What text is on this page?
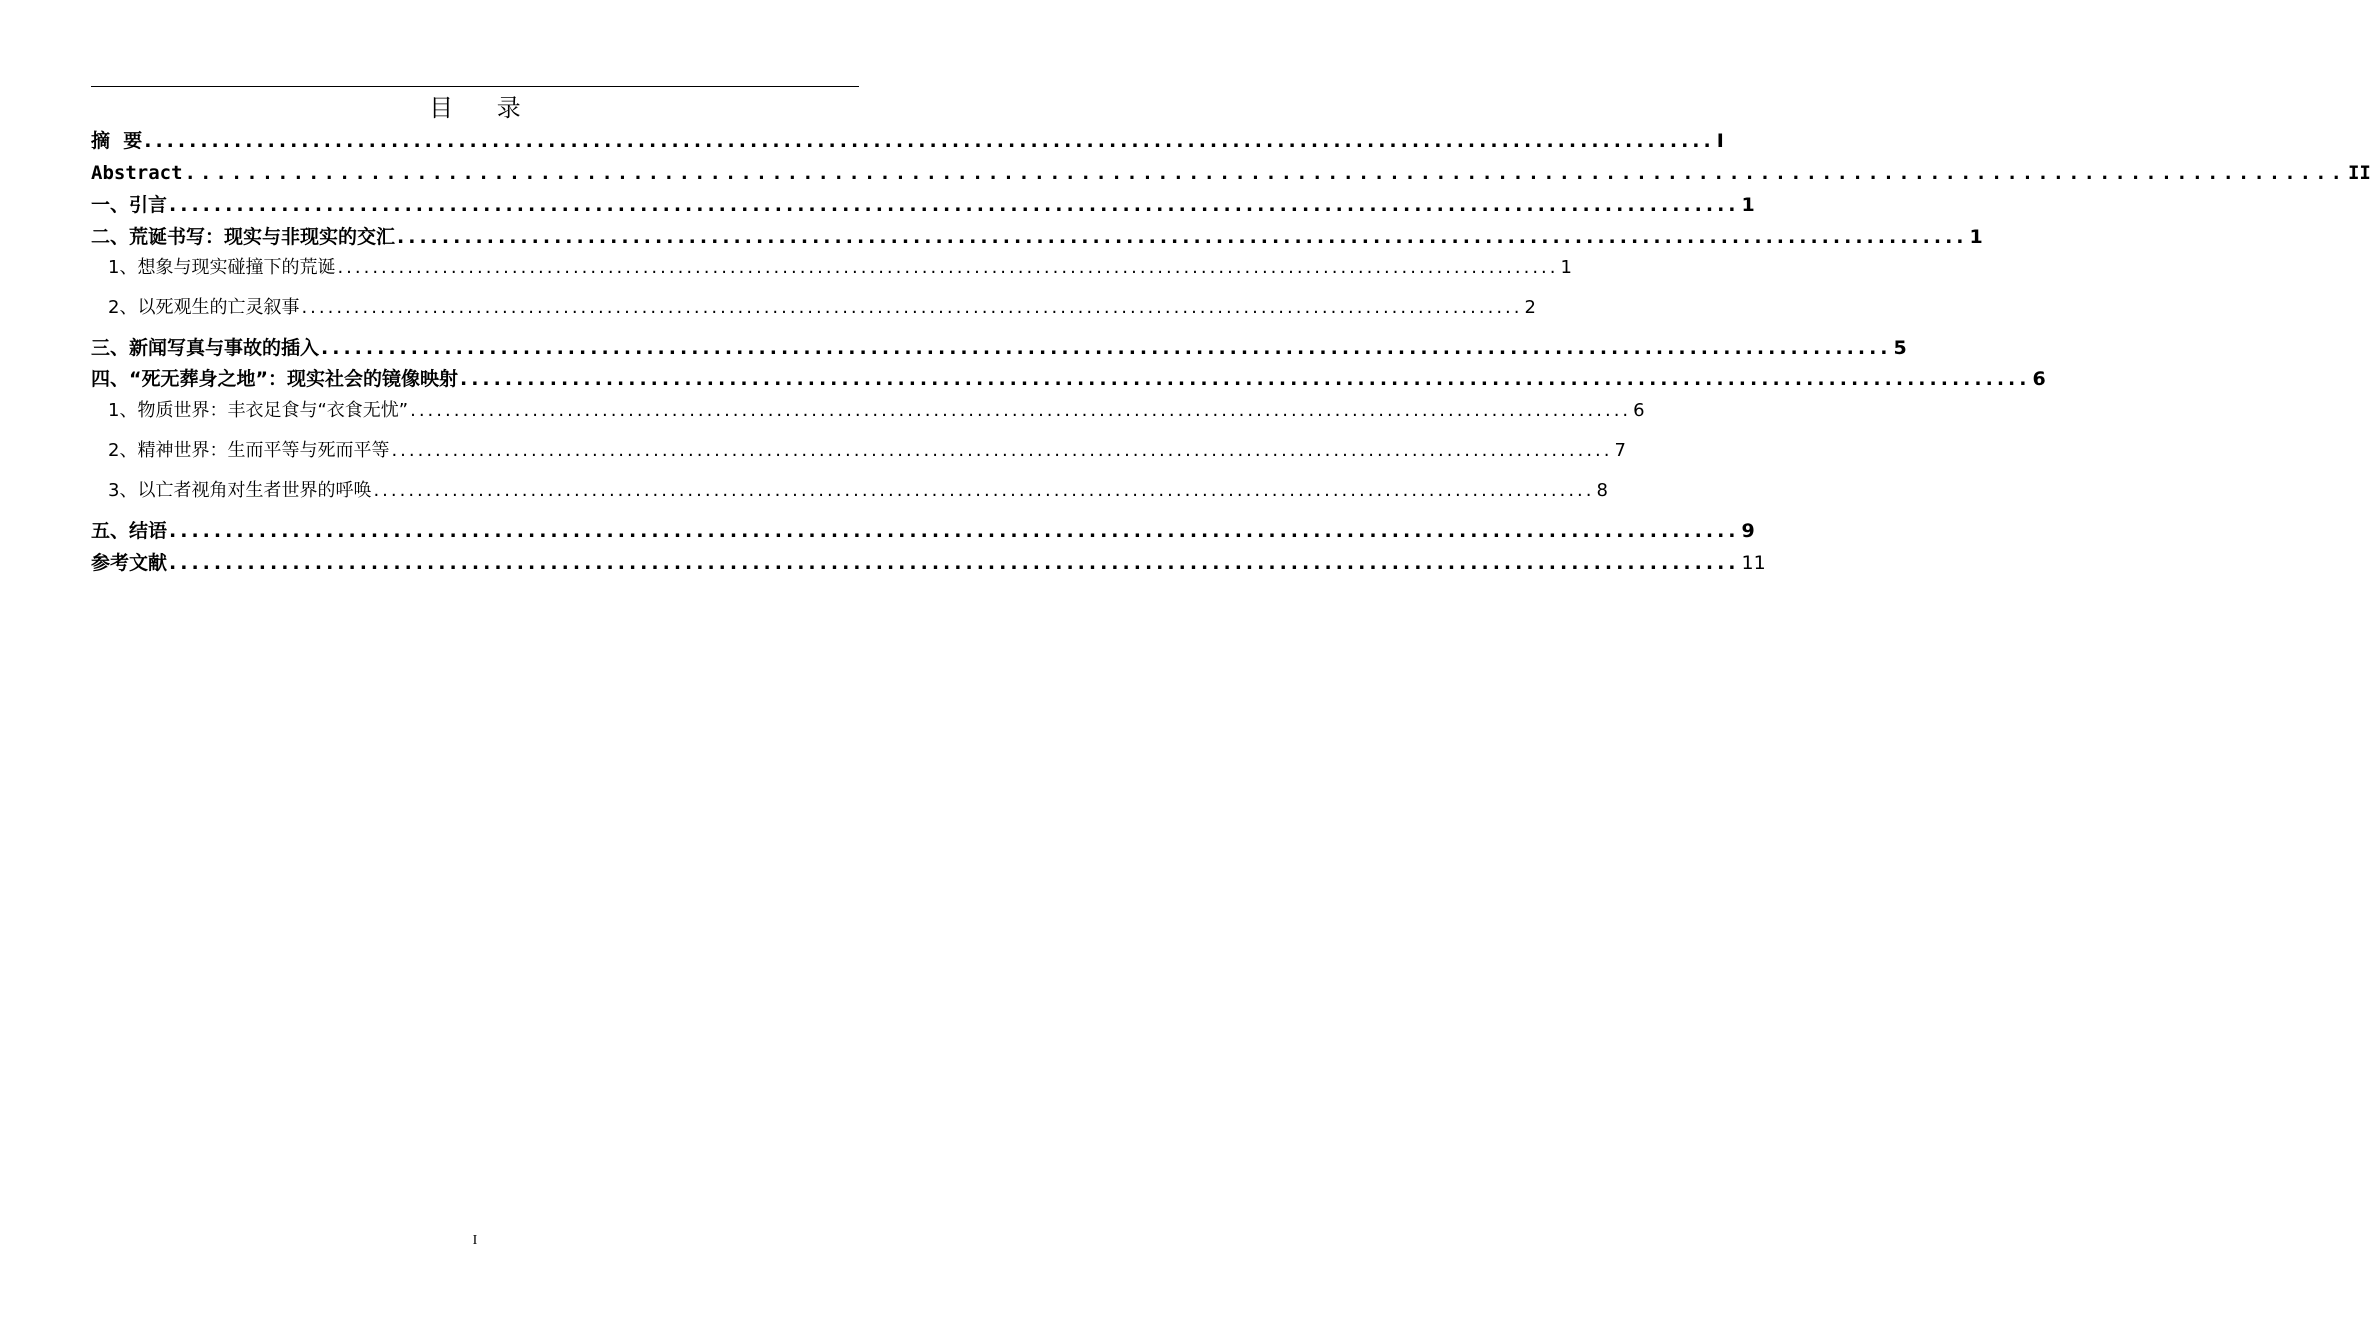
目 录
摘  要 ............................................................................................................................................ I
Abstract ............................................................................................................................................ II
一、引言 ............................................................................................................................................ 1
二、荒诞书写：现实与非现实的交汇 ............................................................................................................................................ 1
1、想象与现实碰撞下的荒诞 ............................................................................................................................................ 1
2、以死观生的亡灵叙事 ............................................................................................................................................ 2
三、新闻写真与事故的插入 ............................................................................................................................................ 5
四、“死无葬身之地”：现实社会的镜像映射 ............................................................................................................................................ 6
1、物质世界：丰衣足食与“衣食无忧” ............................................................................................................................................ 6
2、精神世界：生而平等与死而平等 ............................................................................................................................................ 7
3、以亡者视角对生者世界的呼唤 ............................................................................................................................................ 8
五、结语 ............................................................................................................................................ 9
参考文献 ............................................................................................................................................ 11
I
